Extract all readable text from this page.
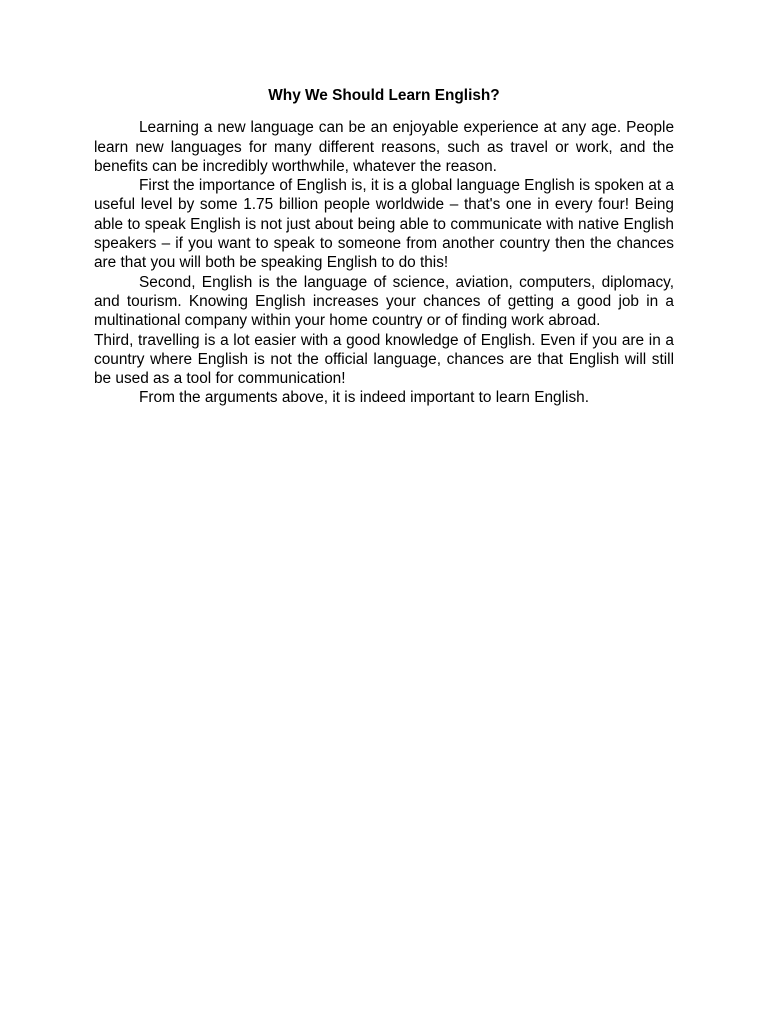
Why We Should Learn English?

Learning a new language can be an enjoyable experience at any age. People learn new languages for many different reasons, such as travel or work, and the benefits can be incredibly worthwhile, whatever the reason.

First the importance of English is, it is a global language English is spoken at a useful level by some 1.75 billion people worldwide – that's one in every four! Being able to speak English is not just about being able to communicate with native English speakers – if you want to speak to someone from another country then the chances are that you will both be speaking English to do this!

Second, English is the language of science, aviation, computers, diplomacy, and tourism. Knowing English increases your chances of getting a good job in a multinational company within your home country or of finding work abroad.

Third, travelling is a lot easier with a good knowledge of English. Even if you are in a country where English is not the official language, chances are that English will still be used as a tool for communication!

From the arguments above, it is indeed important to learn English.
